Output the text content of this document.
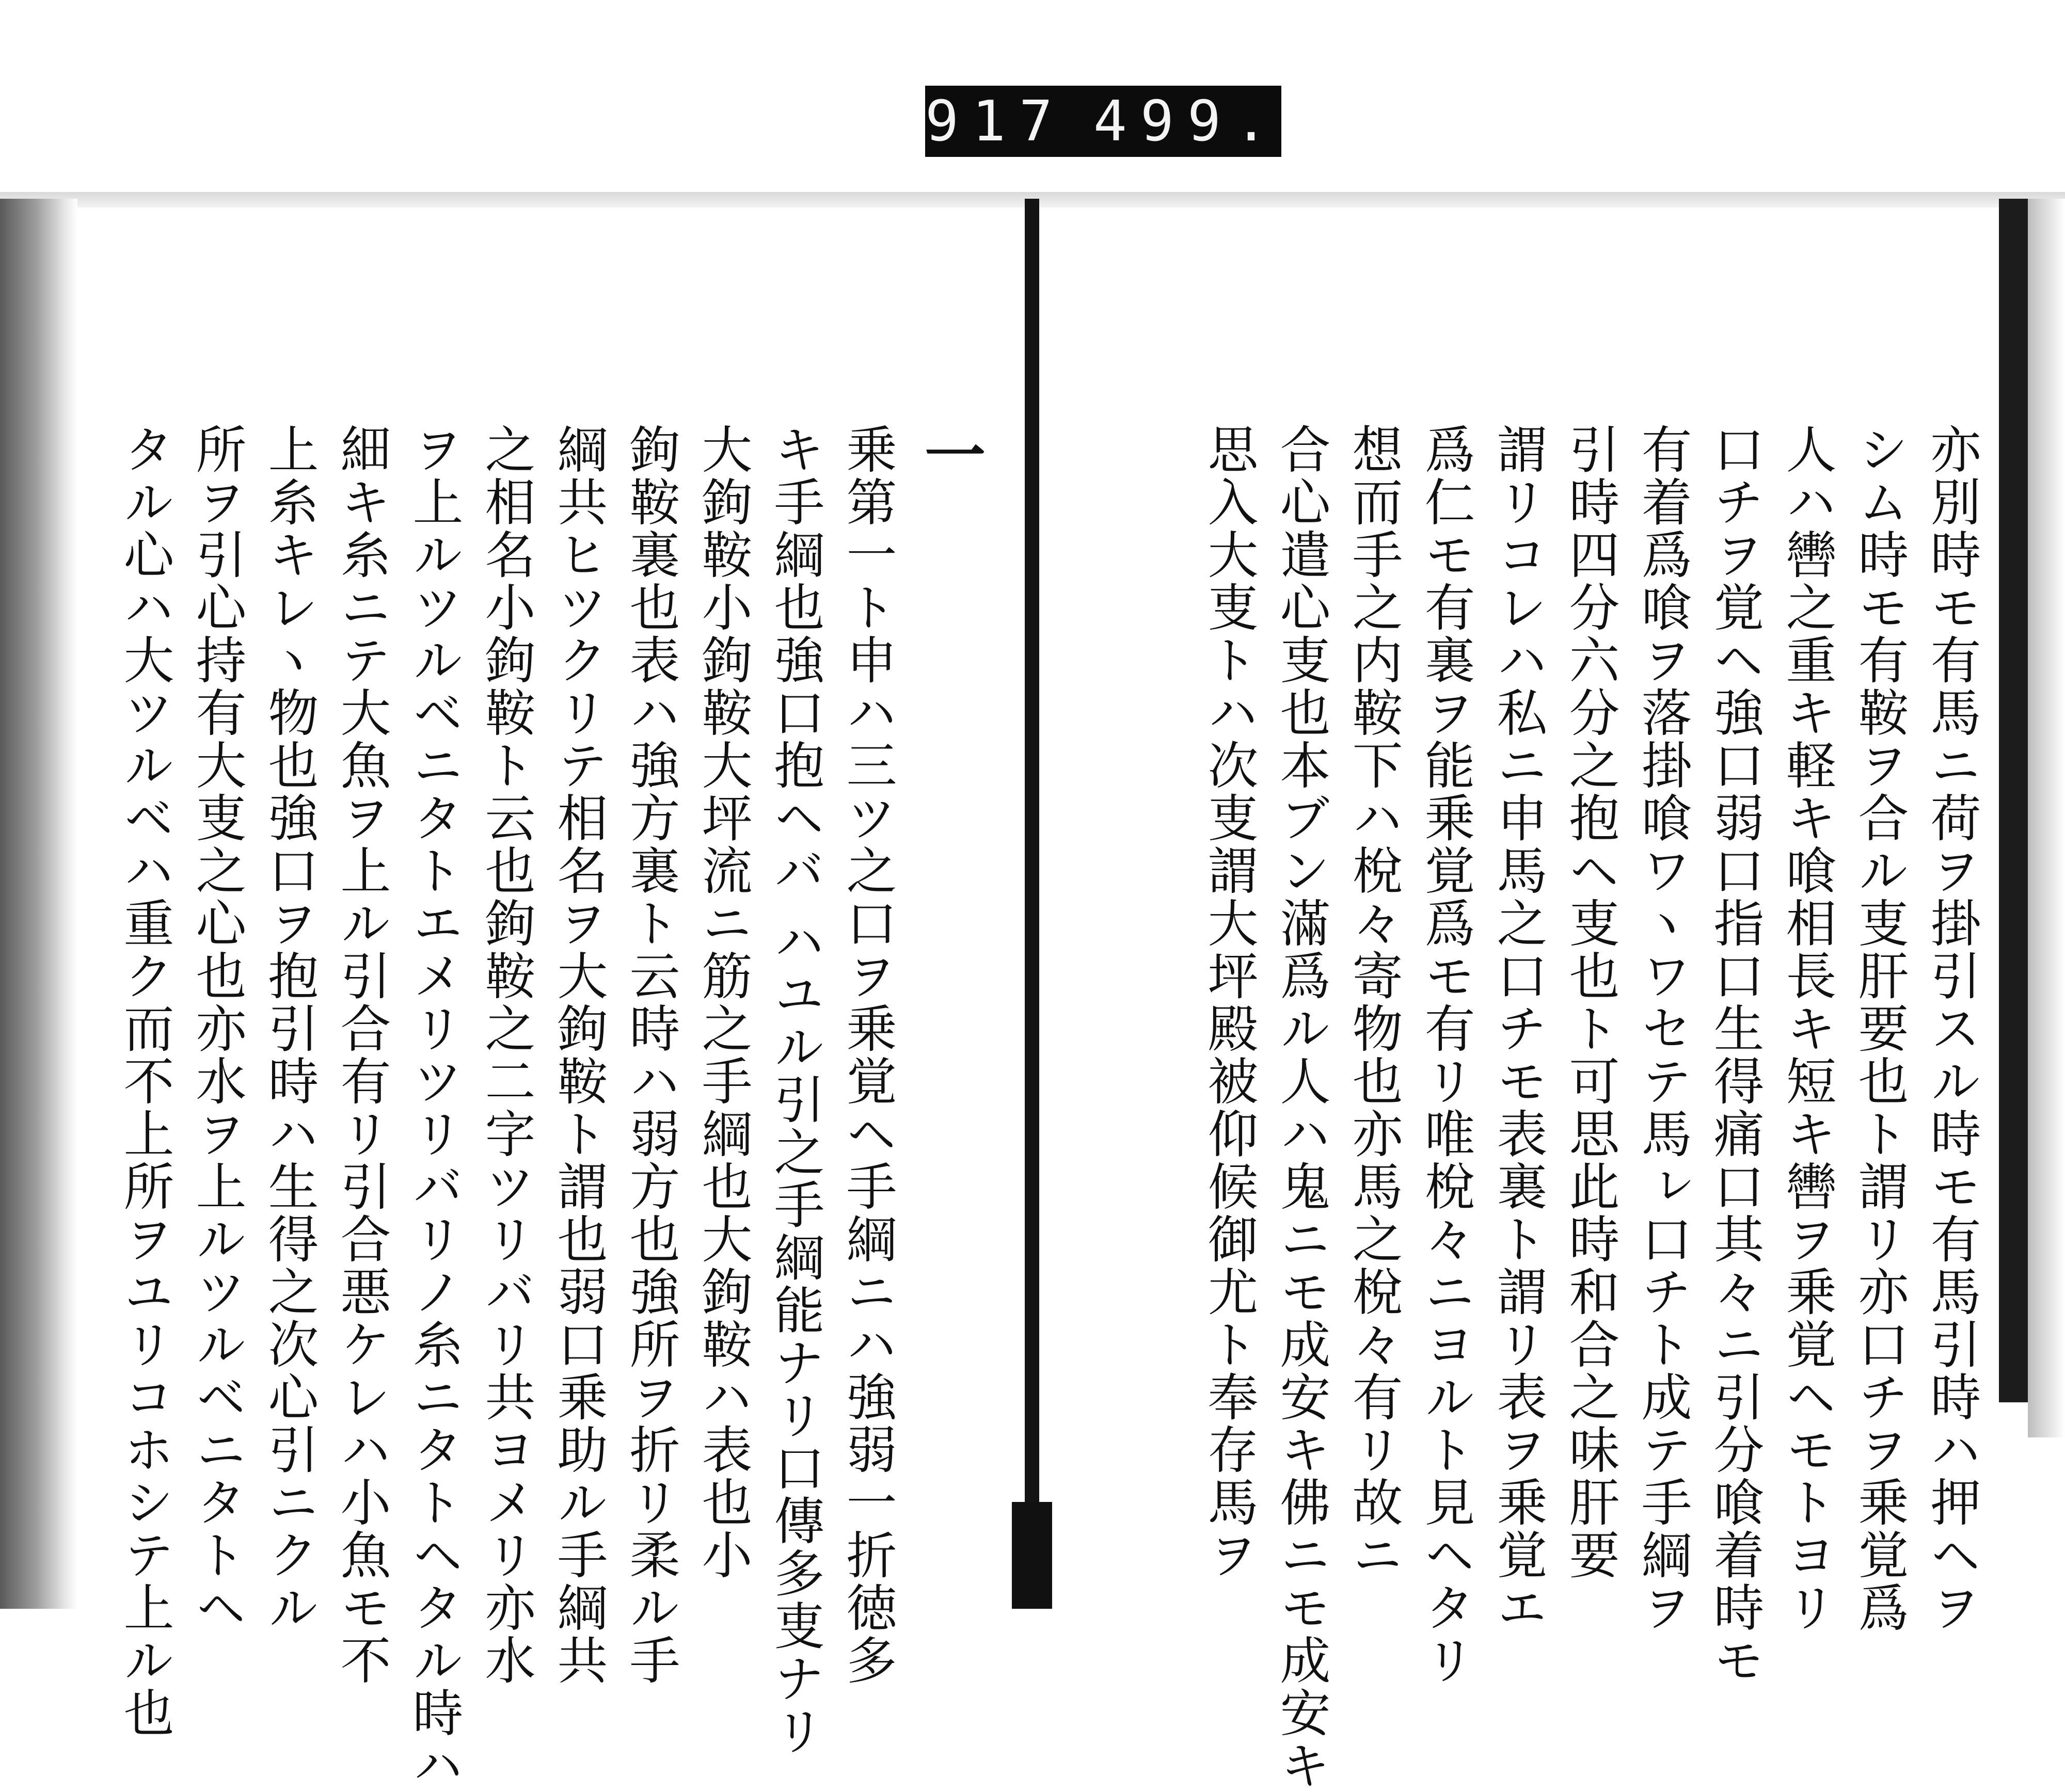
917 499.
亦別時モ有馬ニ荷ヲ掛引スル時モ有馬引時ハ押ヘヲ
シム時モ有鞍ヲ合ル叓肝要也ト謂リ亦口チヲ乗覚爲
人ハ轡之重キ軽キ喰相長キ短キ轡ヲ乗覚ヘモトヨリ
口チヲ覚ヘ強口弱口指口生得痛口其々ニ引分喰着時モ
有着爲喰ヲ落掛喰ワヽワセテ馬ㇾ口チト成テ手綱ヲ
引時四分六分之抱ヘ叓也ト可思此時和合之味肝要
謂リコレハ私ニ申馬之口チモ表裏ト謂リ表ヲ乗覚エ
爲仁モ有裏ヲ能乗覚爲モ有リ唯梲々ニヨルト見ヘタリ
想而手之内鞍下ハ梲々寄物也亦馬之梲々有リ故ニ
合心遣心叓也本ブン滿爲ル人ハ鬼ニモ成安キ佛ニモ成安キ
思入大叓トハ次叓謂大坪殿被仰候御尤ト奉存馬ヲ
一
乗第一ト申ハ三ツ之口ヲ乗覚ヘ手綱ニハ強弱一折徳多
キ手綱也強口抱ヘバ ハユル引之手綱能ナリ口傳多叓ナリ
大鉤鞍小鉤鞍大坪流ニ筋之手綱也大鉤鞍ハ表也小
鉤鞍裏也表ハ強方裏ト云時ハ弱方也強所ヲ折リ柔ル手
綱共ヒツクリテ相名ヲ大鉤鞍ト謂也弱口乗助ル手綱共
之相名小鉤鞍ト云也鉤鞍之二字ツリバリ共ヨメリ亦水
ヲ上ルツルベニタトエメリツリバリノ糸ニタトヘタル時ハ
細キ糸ニテ大魚ヲ上ル引合有リ引合悪ケレハ小魚モ不
上糸キレヽ物也強口ヲ抱引時ハ生得之次心引ニクル
所ヲ引心持有大叓之心也亦水ヲ上ルツルベニタトヘ
タル心ハ大ツルベハ重ク而不上所ヲユリコホシテ上ル也
